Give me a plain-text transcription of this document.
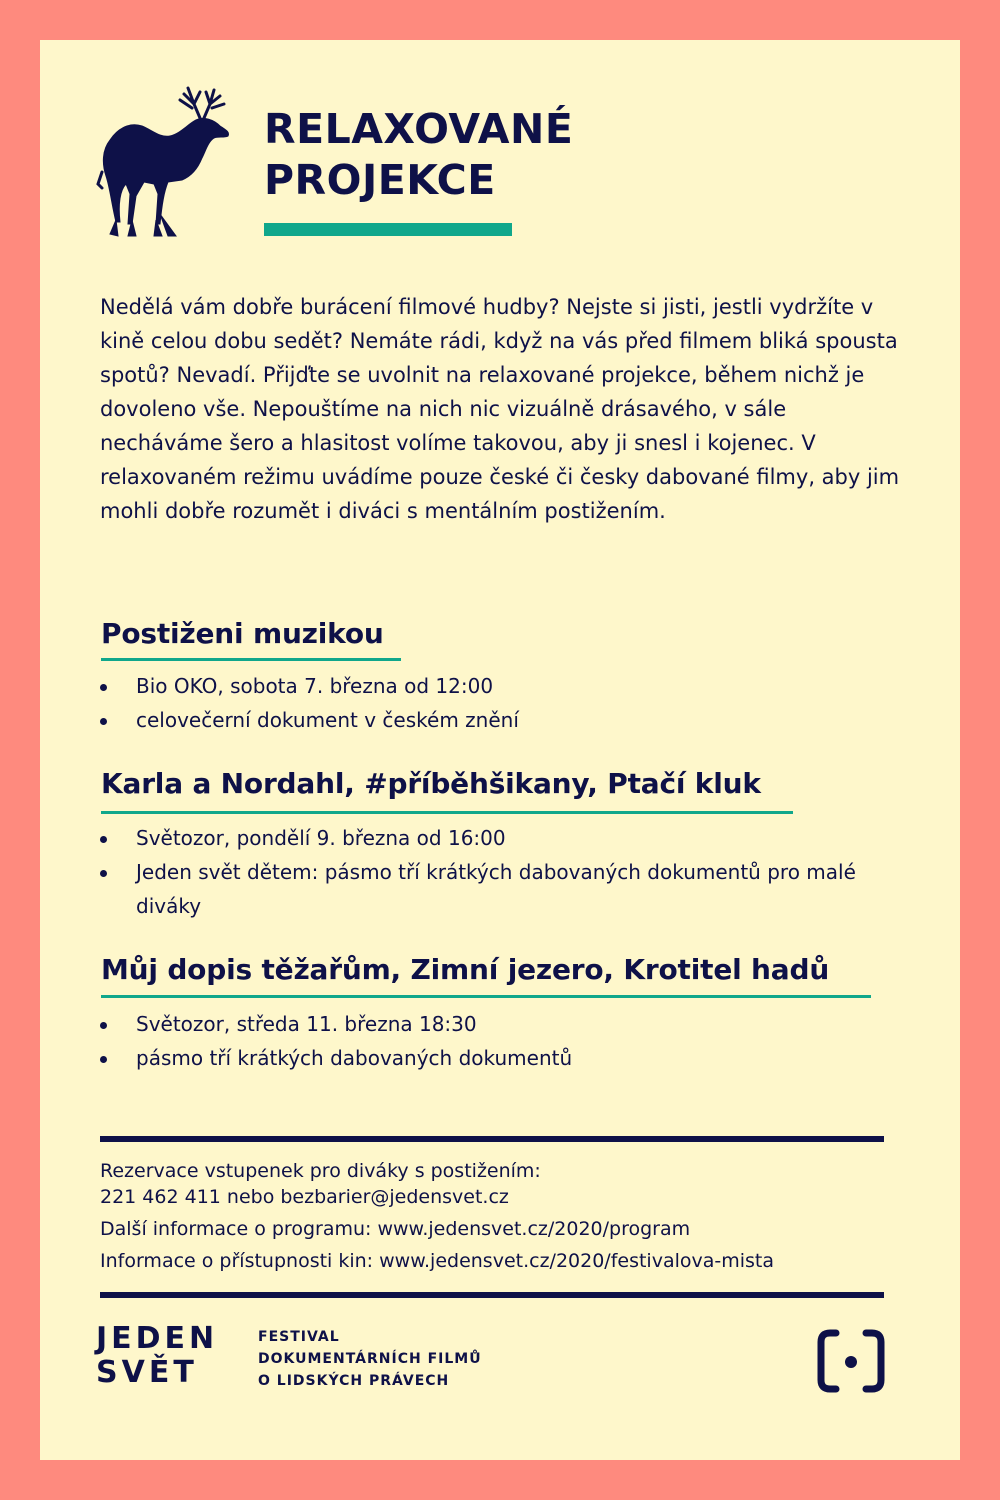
RELAXOVANÉ
PROJEKCE

Nedělá vám dobře burácení filmové hudby? Nejste si jisti, jestli vydržíte v kině celou dobu sedět? Nemáte rádi, když na vás před filmem bliká spousta spotů? Nevadí. Přijďte se uvolnit na relaxované projekce, během nichž je dovoleno vše. Nepouštíme na nich nic vizuálně drásavého, v sále necháváme šero a hlasitost volíme takovou, aby ji snesl i kojenec. V relaxovaném režimu uvádíme pouze české či česky dabované filmy, aby jim mohli dobře rozumět i diváci s mentálním postižením.

Postiženi muzikou
Bio OKO, sobota 7. března od 12:00
celovečerní dokument v českém znění
Karla a Nordahl, #příběhšikany, Ptačí kluk
Světozor, pondělí 9. března od 16:00
Jeden svět dětem: pásmo tří krátkých dabovaných dokumentů pro malé diváky
Můj dopis těžařům, Zimní jezero, Krotitel hadů
Světozor, středa 11. března 18:30
pásmo tří krátkých dabovaných dokumentů
Rezervace vstupenek pro diváky s postižením:
221 462 411 nebo bezbarier@jedensvet.cz
Další informace o programu: www.jedensvet.cz/2020/program
Informace o přístupnosti kin: www.jedensvet.cz/2020/festivalova-mista
JEDEN
SVĚT
FESTIVAL
DOKUMENTÁRNÍCH FILMŮ
O LIDSKÝCH PRÁVECH
